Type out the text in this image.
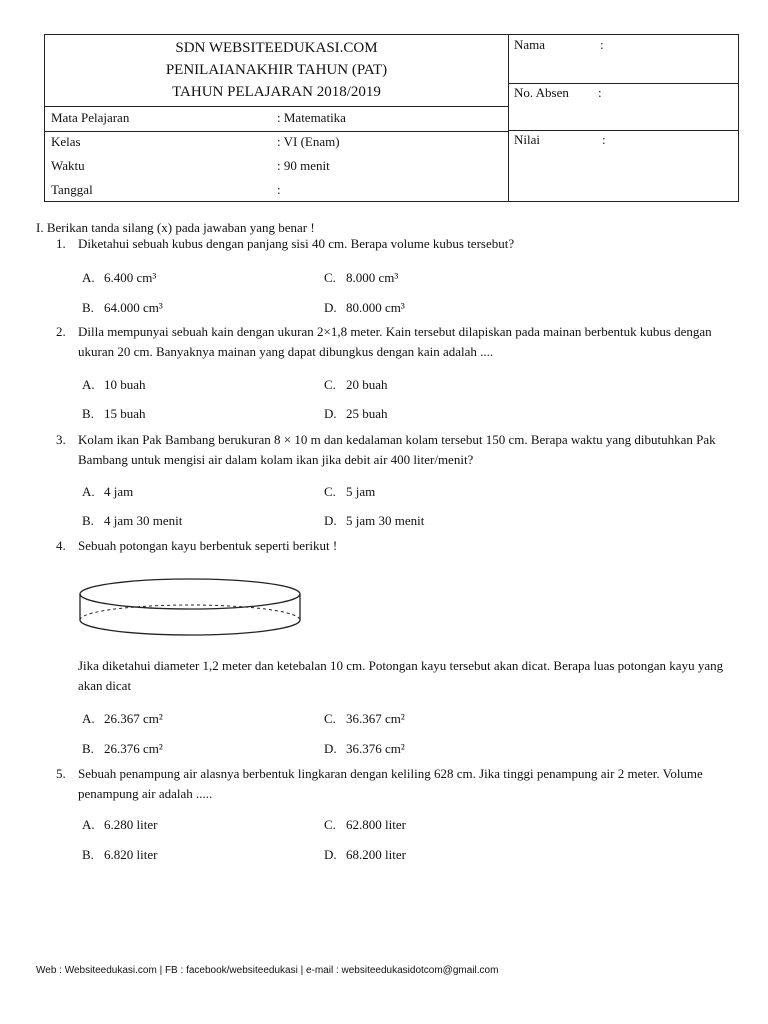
SDN WEBSITEEDUKASI.COM
PENILAIANAKHIR TAHUN (PAT)
TAHUN PELAJARAN 2018/2019
Mata Pelajaran	: Matematika
Kelas	: VI (Enam)
Waktu	: 90 menit
Tanggal	:
Nama	:
No. Absen :
Nilai	:
I. Berikan tanda silang (x) pada jawaban yang benar !
1. Diketahui sebuah kubus dengan panjang sisi 40 cm. Berapa volume kubus tersebut?
A. 6.400 cm³	C. 8.000 cm³
B. 64.000 cm³	D. 80.000 cm³
2. Dilla mempunyai sebuah kain dengan ukuran 2×1,8 meter. Kain tersebut dilapiskan pada mainan berbentuk kubus dengan ukuran 20 cm. Banyaknya mainan yang dapat dibungkus dengan kain adalah ....
A. 10 buah	C. 20 buah
B. 15 buah	D. 25 buah
3. Kolam ikan Pak Bambang berukuran 8 × 10 m dan kedalaman kolam tersebut 150 cm. Berapa waktu yang dibutuhkan Pak Bambang untuk mengisi air dalam kolam ikan jika debit air 400 liter/menit?
A. 4 jam	C. 5 jam
B. 4 jam 30 menit	D. 5 jam 30 menit
4. Sebuah potongan kayu berbentuk seperti berikut !
Jika diketahui diameter 1,2 meter dan ketebalan 10 cm. Potongan kayu tersebut akan dicat. Berapa luas potongan kayu yang akan dicat
A. 26.367 cm²	C. 36.367 cm²
B. 26.376 cm²	D. 36.376 cm²
5. Sebuah penampung air alasnya berbentuk lingkaran dengan keliling 628 cm. Jika tinggi penampung air 2 meter. Volume penampung air adalah .....
A. 6.280 liter	C. 62.800 liter
B. 6.820 liter	D. 68.200 liter
Web : Websiteedukasi.com | FB : facebook/websiteedukasi | e-mail : websiteedukasidotcom@gmail.com
